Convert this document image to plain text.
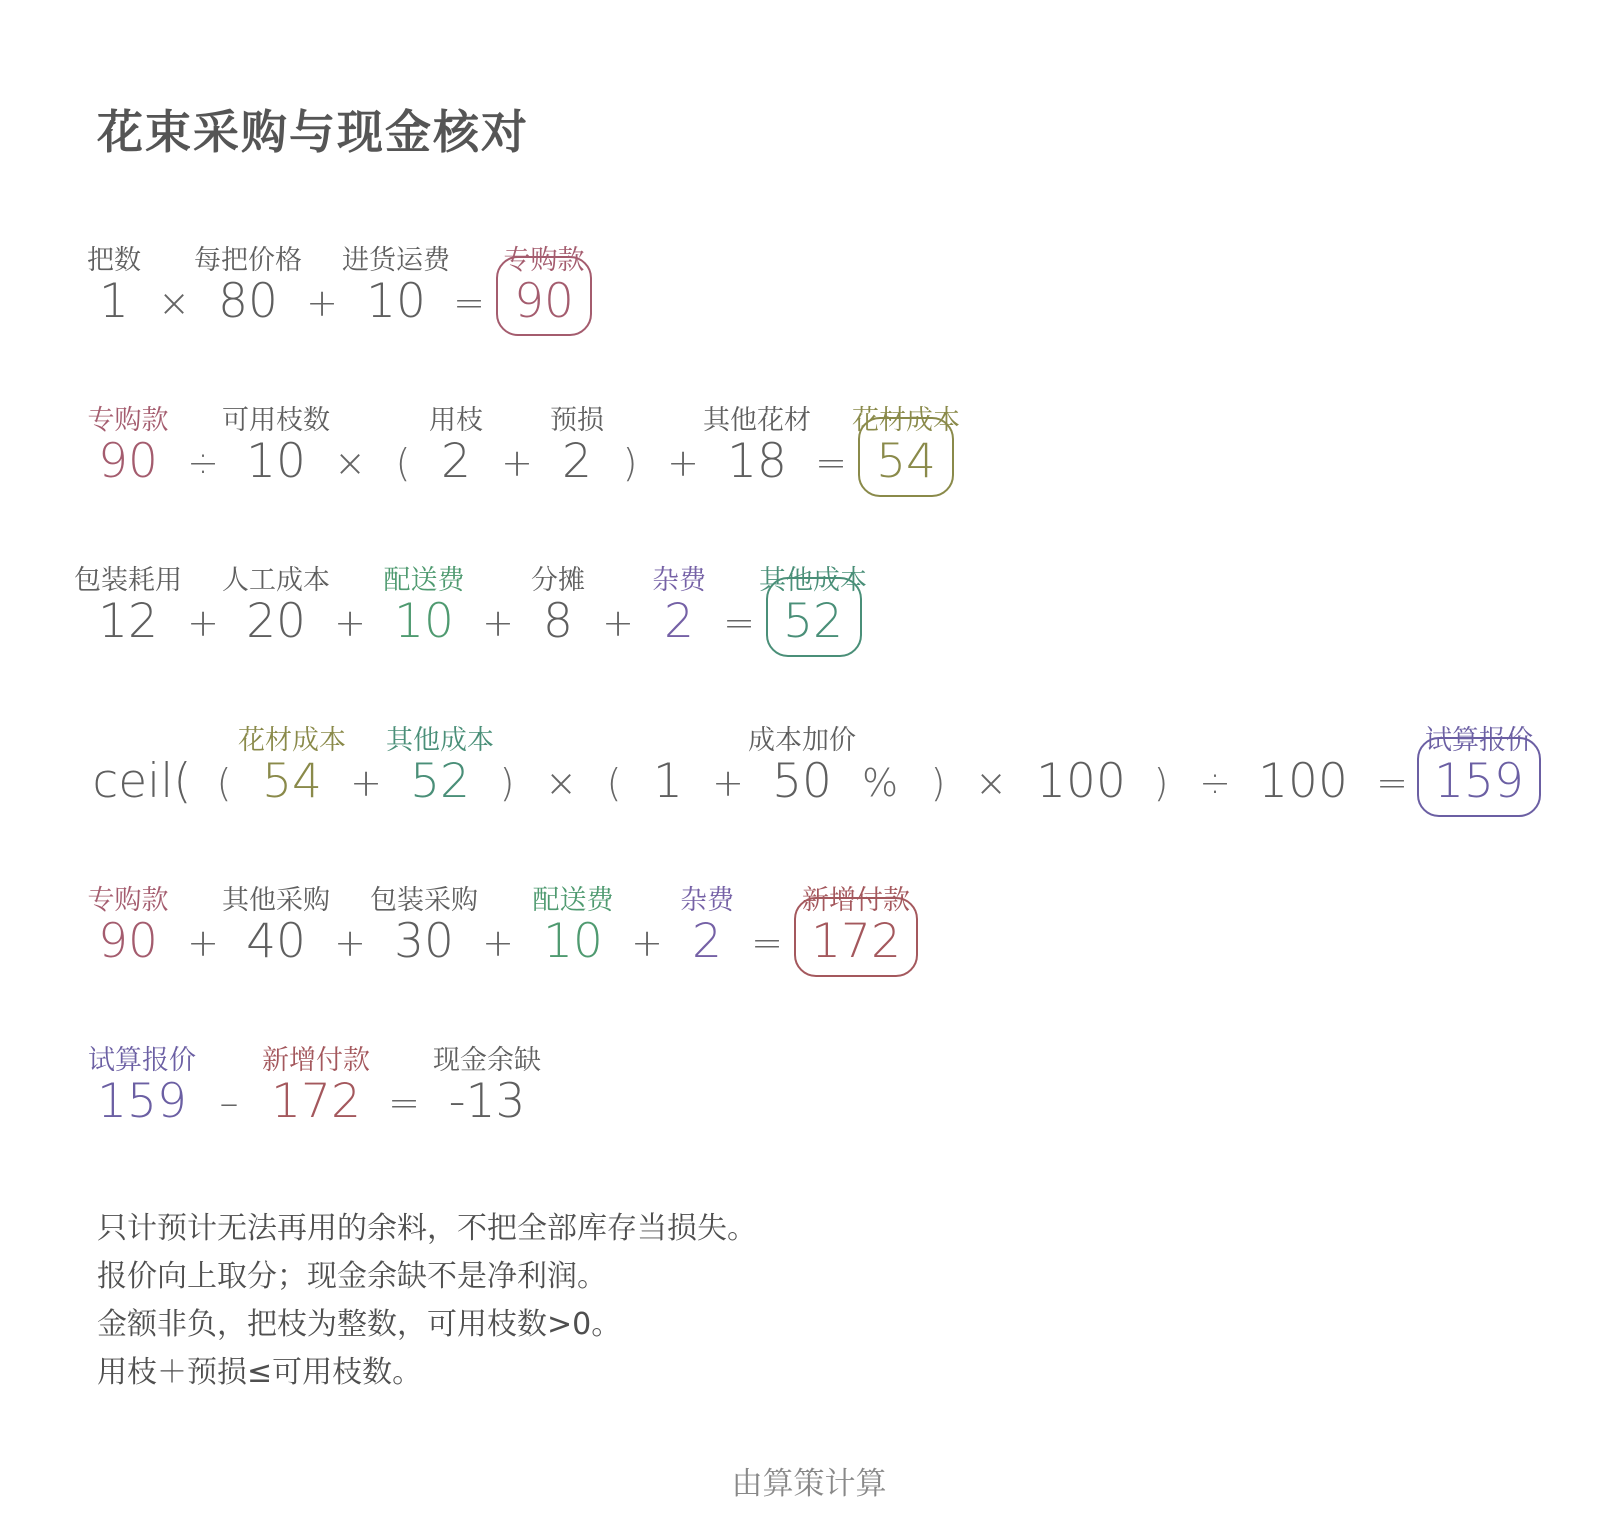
花束采购与现金核对
把数 每把价格 进货运费 专购款
1 × 80 + 10 = 90
专购款 可用枝数	用枝 预损	其他花材 花材成本
90 ÷ 10 × ( 2 + 2 ) + 18 = 54
包装耗用 人工成本 配送费 分摊 杂费 其他成本
12 + 20 + 10 + 8 + 2 = 52
花材成本 其他成本	成本加价	试算报价
ceil( ( 54 + 52 ) × ( 1 + 50 % ) × 100 ) ÷ 100 = 159
专购款 其他采购 包装采购 配送费 杂费	新增付款
90 + 40 + 30 + 10 + 2 = 172
试算报价 新增付款 现金余缺
159 – 172 = -13
只计预计无法再用的余料，不把全部库存当损失。
报价向上取分；现金余缺不是净利润。
金额非负，把枝为整数，可用枝数>0。
用枝＋预损≤可用枝数。
由算策计算
